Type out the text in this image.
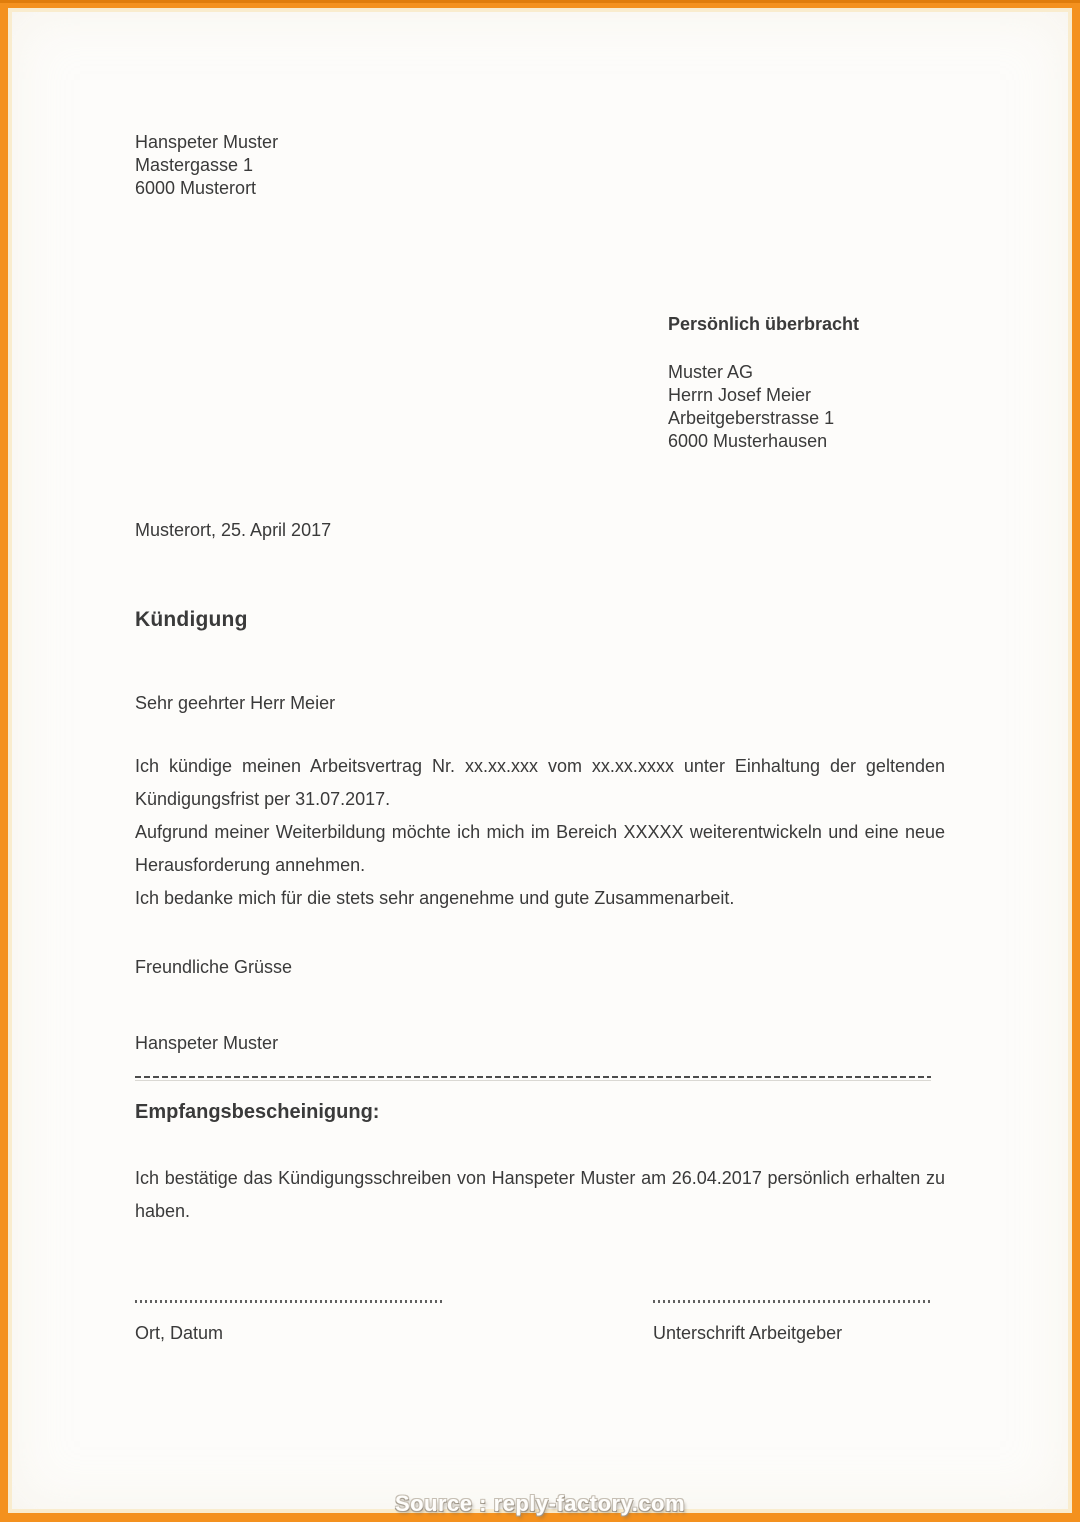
Hanspeter Muster
Mastergasse 1
6000 Musterort
Persönlich überbracht
Muster AG
Herrn Josef Meier
Arbeitgeberstrasse 1
6000 Musterhausen
Musterort, 25. April 2017
Kündigung
Sehr geehrter Herr Meier

Ich kündige meinen Arbeitsvertrag Nr. xx.xx.xxx vom xx.xx.xxxx unter Einhaltung der geltenden Kündigungsfrist per 31.07.2017.

Aufgrund meiner Weiterbildung möchte ich mich im Bereich XXXXX weiterentwickeln und eine neue Herausforderung annehmen.

Ich bedanke mich für die stets sehr angenehme und gute Zusammenarbeit.

Freundliche Grüsse
Hanspeter Muster
Empfangsbescheinigung:
Ich bestätige das Kündigungsschreiben von Hanspeter Muster am 26.04.2017 persönlich erhalten zu haben.
Ort, Datum	Unterschrift Arbeitgeber
Source : reply-factory.com
